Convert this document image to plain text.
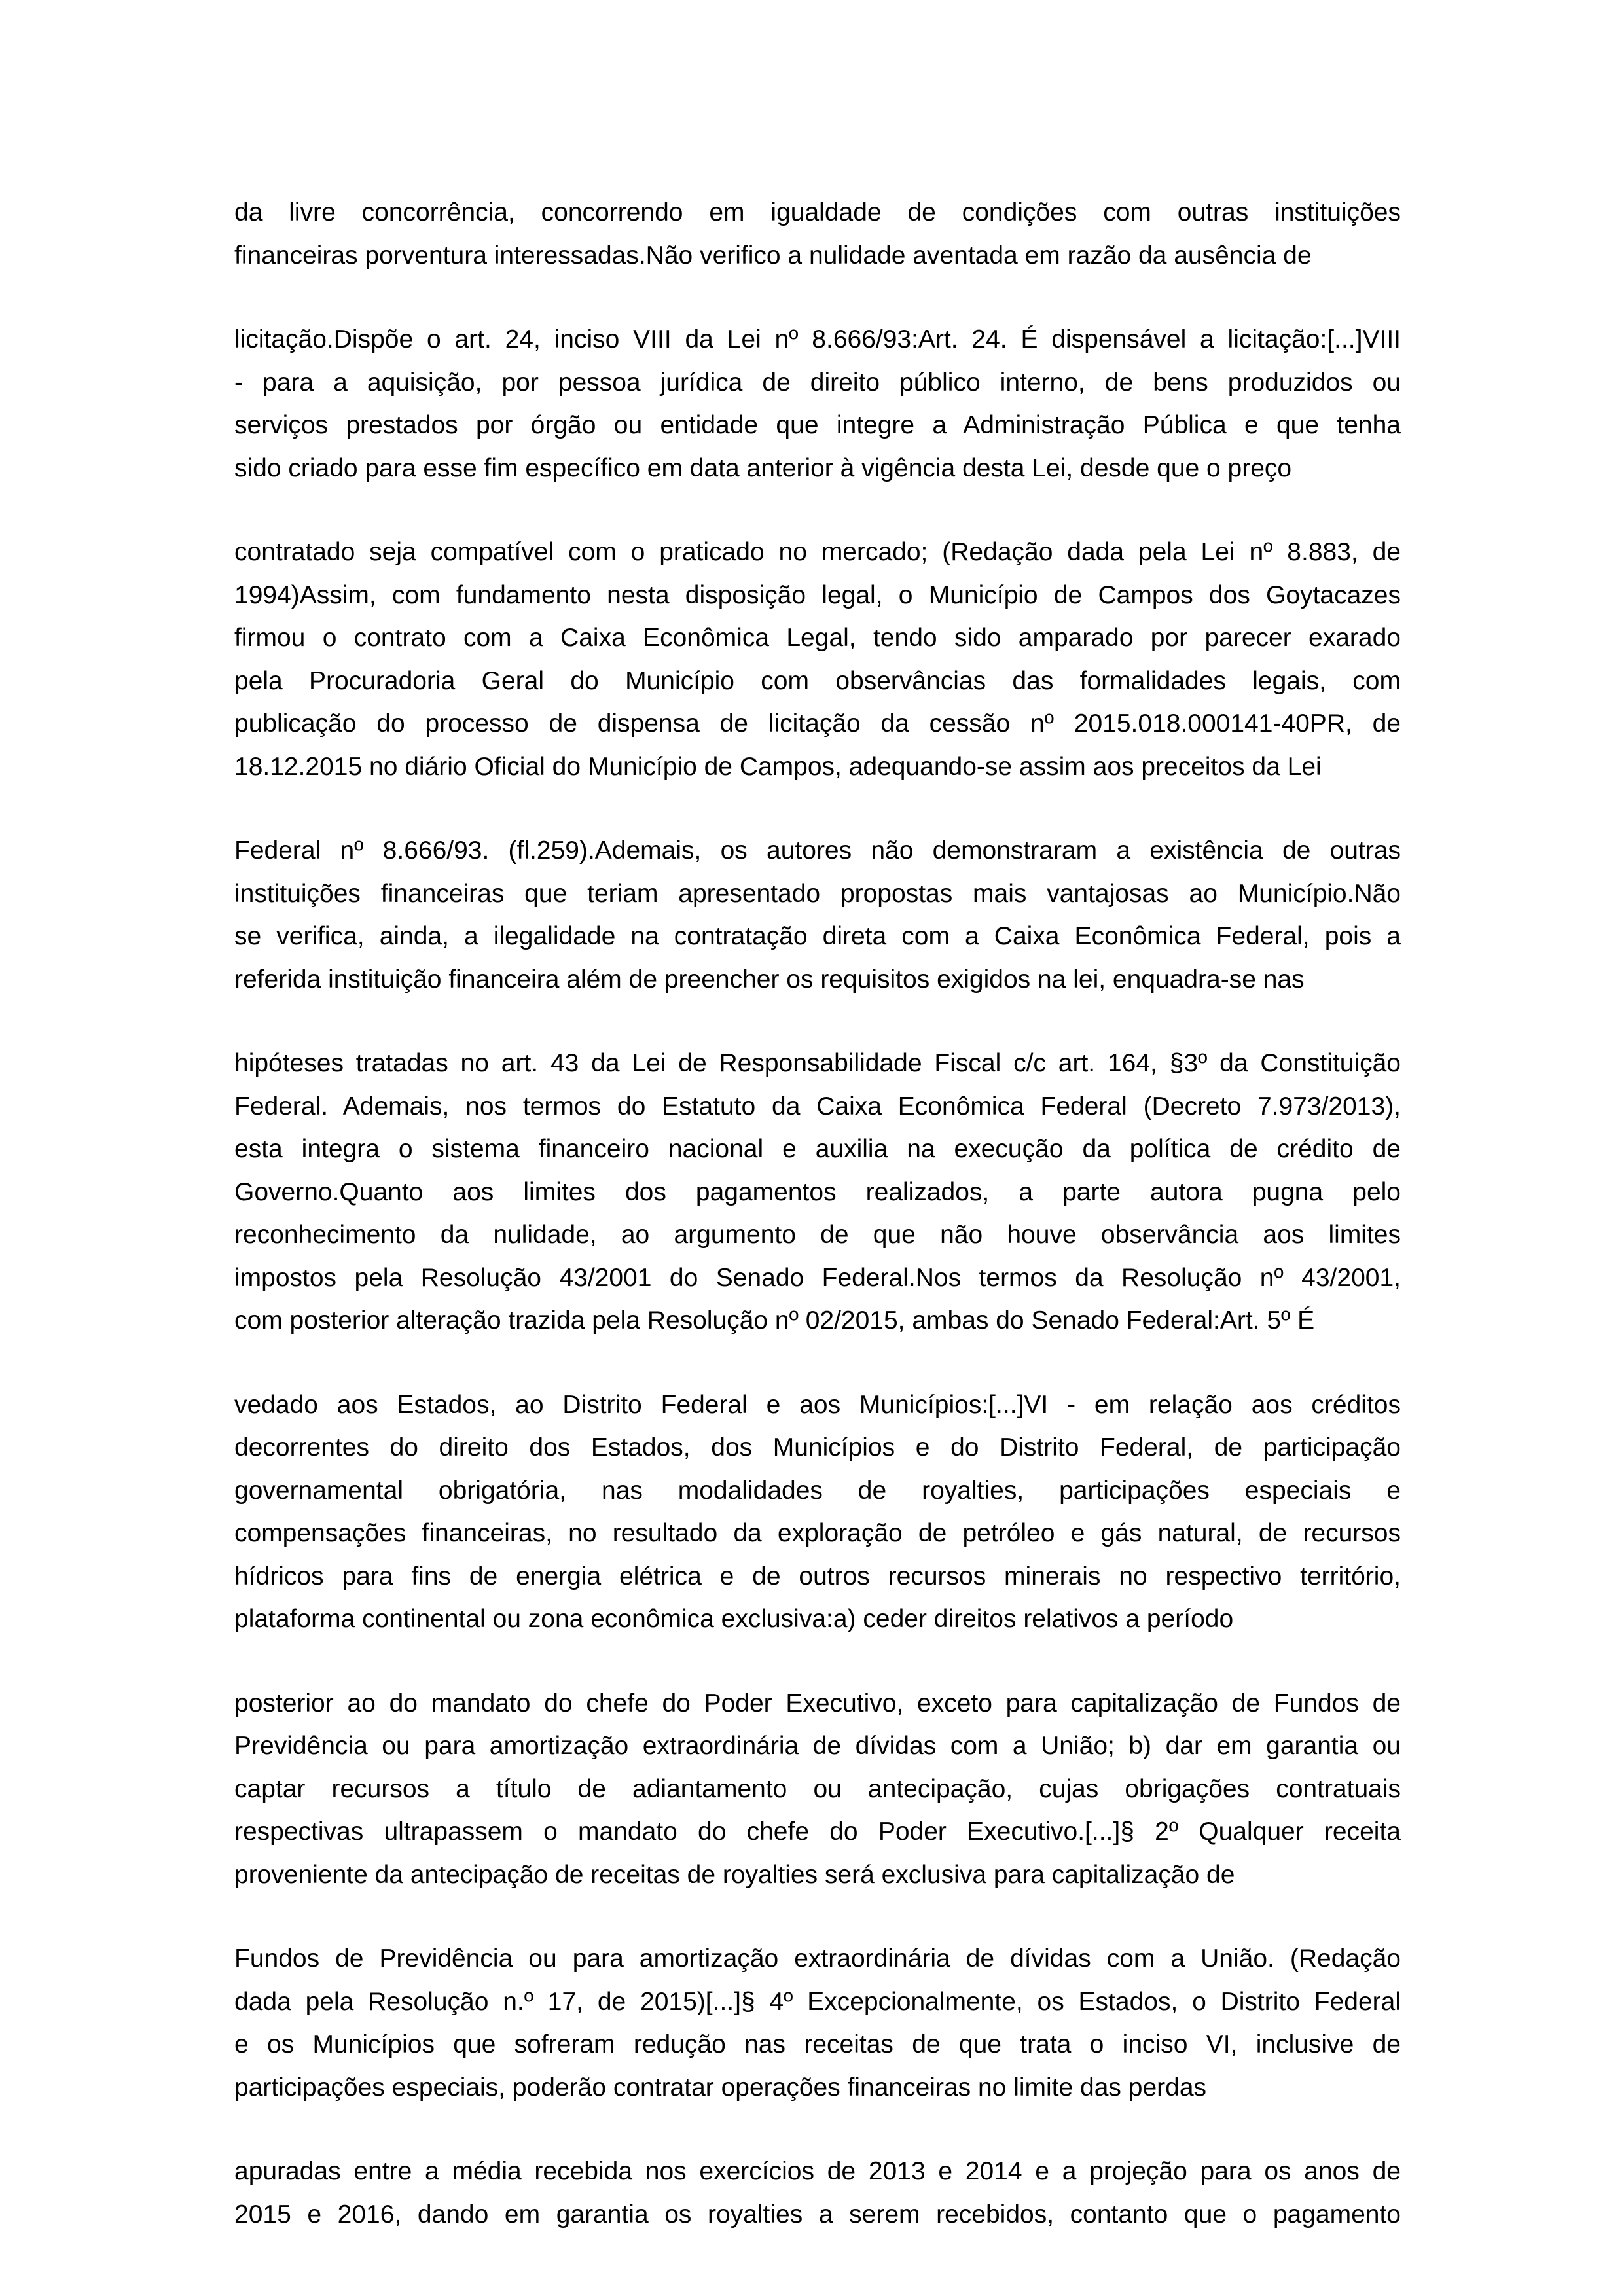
da livre concorrência, concorrendo em igualdade de condições com outras instituições
financeiras porventura interessadas.Não verifico a nulidade aventada em razão da ausência de
licitação.Dispõe o art. 24, inciso VIII da Lei nº 8.666/93:Art. 24. É dispensável a licitação:[...]VIII
- para a aquisição, por pessoa jurídica de direito público interno, de bens produzidos ou
serviços prestados por órgão ou entidade que integre a Administração Pública e que tenha
sido criado para esse fim específico em data anterior à vigência desta Lei, desde que o preço
contratado seja compatível com o praticado no mercado; (Redação dada pela Lei nº 8.883, de
1994)Assim, com fundamento nesta disposição legal, o Município de Campos dos Goytacazes
firmou o contrato com a Caixa Econômica Legal, tendo sido amparado por parecer exarado
pela Procuradoria Geral do Município com observâncias das formalidades legais, com
publicação do processo de dispensa de licitação da cessão nº 2015.018.000141-40PR, de
18.12.2015 no diário Oficial do Município de Campos, adequando-se assim aos preceitos da Lei
Federal nº 8.666/93. (fl.259).Ademais, os autores não demonstraram a existência de outras
instituições financeiras que teriam apresentado propostas mais vantajosas ao Município.Não
se verifica, ainda, a ilegalidade na contratação direta com a Caixa Econômica Federal, pois a
referida instituição financeira além de preencher os requisitos exigidos na lei, enquadra-se nas
hipóteses tratadas no art. 43 da Lei de Responsabilidade Fiscal c/c art. 164, §3º da Constituição
Federal. Ademais, nos termos do Estatuto da Caixa Econômica Federal (Decreto 7.973/2013),
esta integra o sistema financeiro nacional e auxilia na execução da política de crédito de
Governo.Quanto aos limites dos pagamentos realizados, a parte autora pugna pelo
reconhecimento da nulidade, ao argumento de que não houve observância aos limites
impostos pela Resolução 43/2001 do Senado Federal.Nos termos da Resolução nº 43/2001,
com posterior alteração trazida pela Resolução nº 02/2015, ambas do Senado Federal:Art. 5º É
vedado aos Estados, ao Distrito Federal e aos Municípios:[...]VI - em relação aos créditos
decorrentes do direito dos Estados, dos Municípios e do Distrito Federal, de participação
governamental obrigatória, nas modalidades de royalties, participações especiais e
compensações financeiras, no resultado da exploração de petróleo e gás natural, de recursos
hídricos para fins de energia elétrica e de outros recursos minerais no respectivo território,
plataforma continental ou zona econômica exclusiva:a) ceder direitos relativos a período
posterior ao do mandato do chefe do Poder Executivo, exceto para capitalização de Fundos de
Previdência ou para amortização extraordinária de dívidas com a União; b) dar em garantia ou
captar recursos a título de adiantamento ou antecipação, cujas obrigações contratuais
respectivas ultrapassem o mandato do chefe do Poder Executivo.[...]§ 2º Qualquer receita
proveniente da antecipação de receitas de royalties será exclusiva para capitalização de
Fundos de Previdência ou para amortização extraordinária de dívidas com a União. (Redação
dada pela Resolução n.º 17, de 2015)[...]§ 4º Excepcionalmente, os Estados, o Distrito Federal
e os Municípios que sofreram redução nas receitas de que trata o inciso VI, inclusive de
participações especiais, poderão contratar operações financeiras no limite das perdas
apuradas entre a média recebida nos exercícios de 2013 e 2014 e a projeção para os anos de
2015 e 2016, dando em garantia os royalties a serem recebidos, contanto que o pagamento
